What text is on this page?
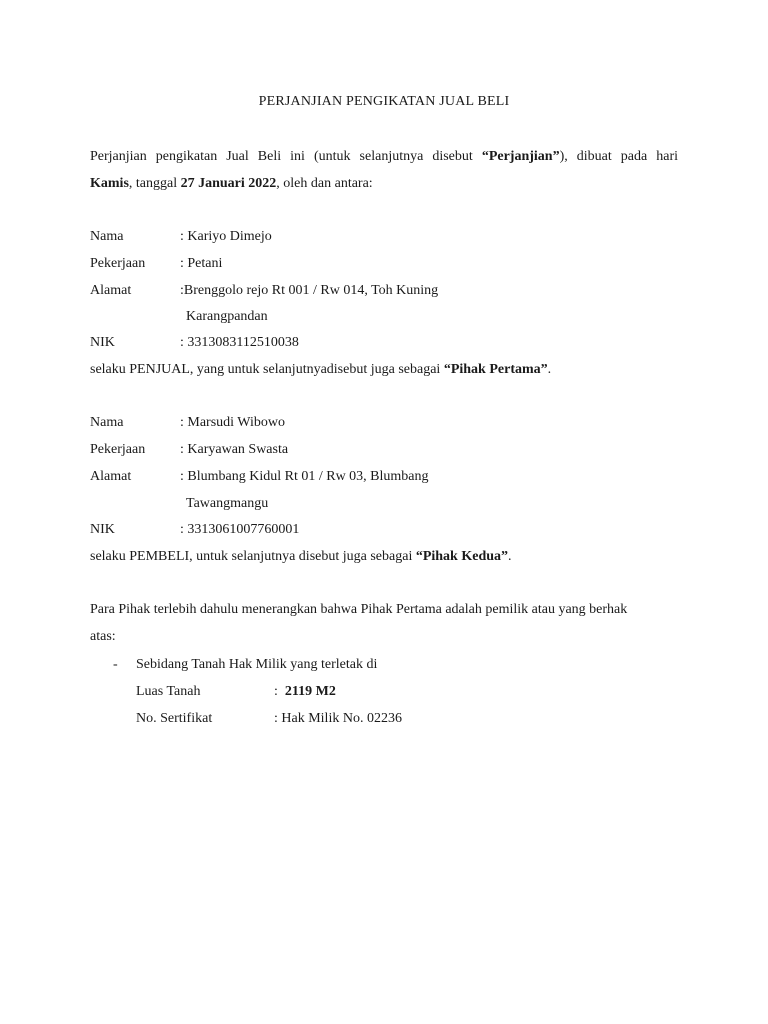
PERJANJIAN PENGIKATAN JUAL BELI
Perjanjian pengikatan Jual Beli ini (untuk selanjutnya disebut “Perjanjian”), dibuat pada hari
Kamis, tanggal 27 Januari 2022, oleh dan antara:
Nama	: Kariyo Dimejo
Pekerjaan : Petani
Alamat	:Brenggolo rejo Rt 001 / Rw 014, Toh Kuning
Karangpandan
NIK	: 3313083112510038
selaku PENJUAL, yang untuk selanjutnyadisebut juga sebagai “Pihak Pertama”.
Nama	: Marsudi Wibowo
Pekerjaan : Karyawan Swasta
Alamat	: Blumbang Kidul Rt 01 / Rw 03, Blumbang
Tawangmangu
NIK	: 3313061007760001
selaku PEMBELI, untuk selanjutnya disebut juga sebagai “Pihak Kedua”.
Para Pihak terlebih dahulu menerangkan bahwa Pihak Pertama adalah pemilik atau yang berhak
atas:
- Sebidang Tanah Hak Milik yang terletak di
Luas Tanah	: 2119 M2
No. Sertifikat	: Hak Milik No. 02236
